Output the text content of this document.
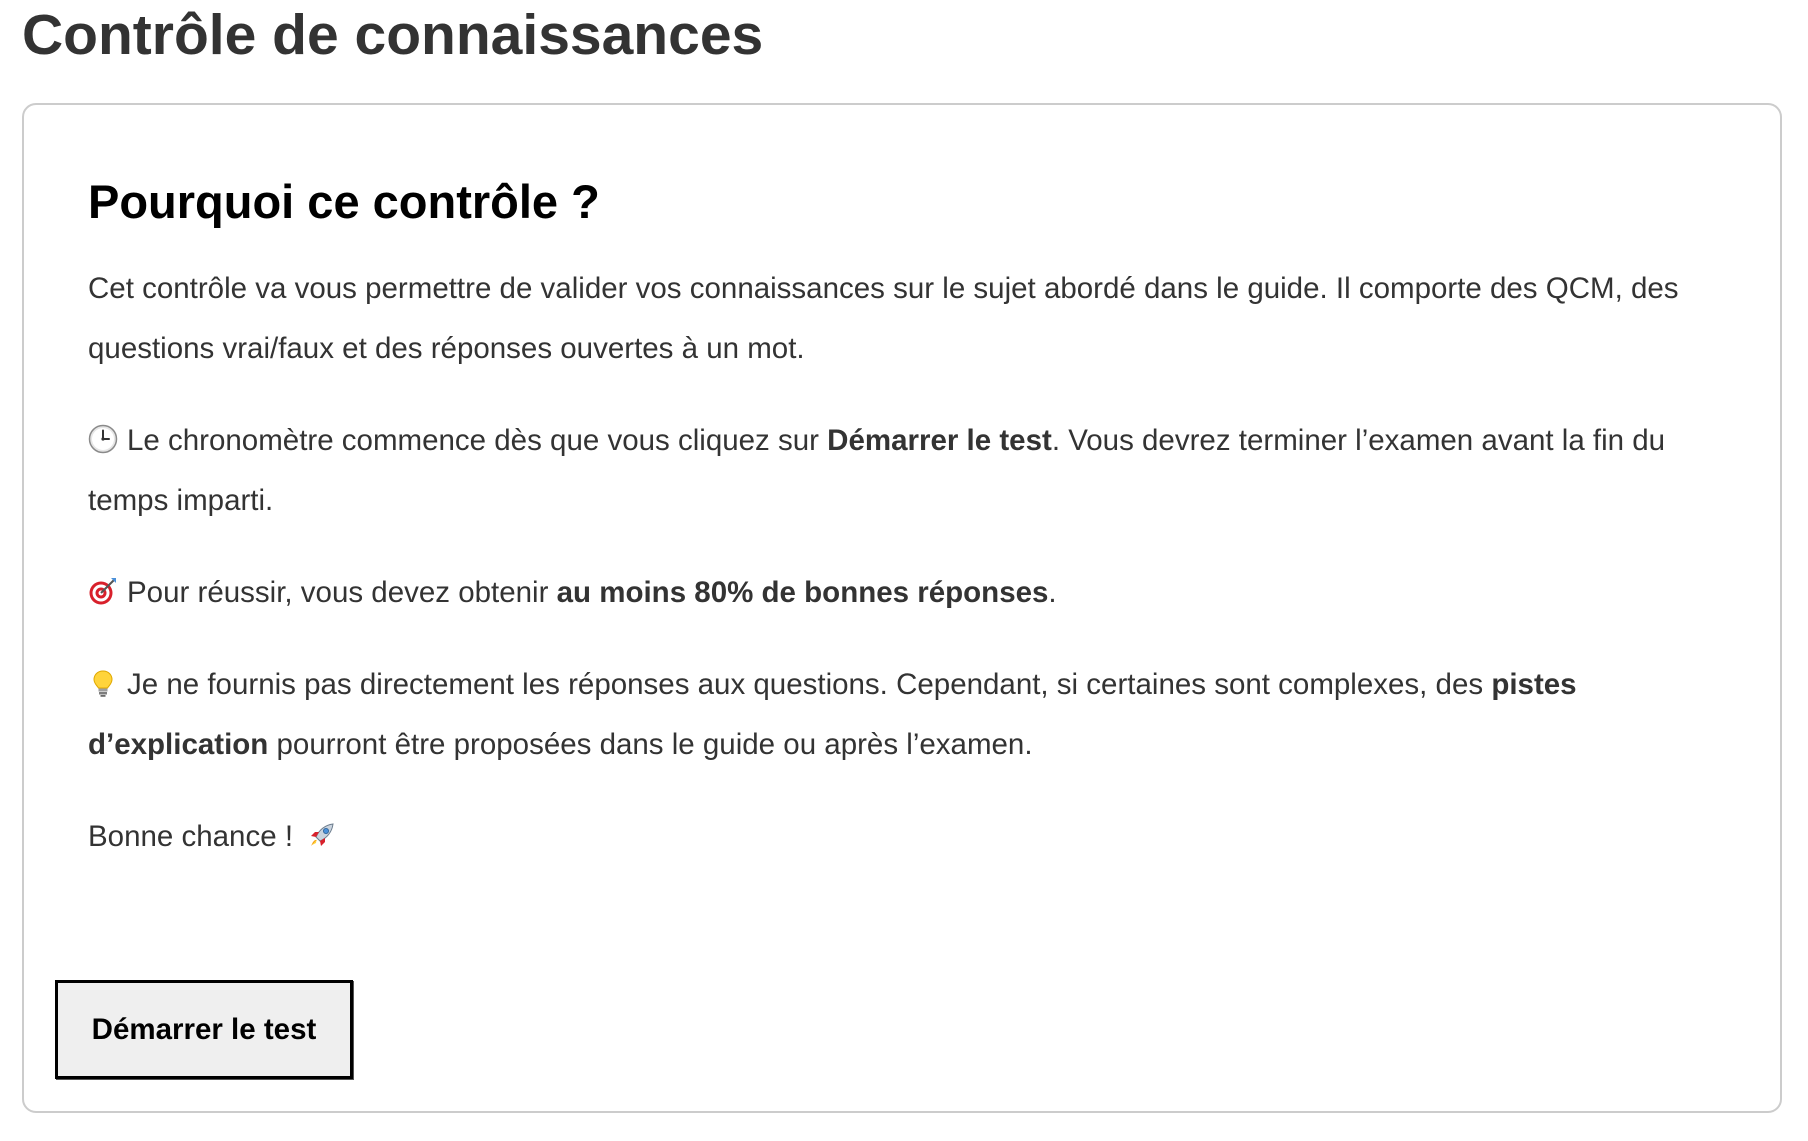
Contrôle de connaissances
Pourquoi ce contrôle ?

Cet contrôle va vous permettre de valider vos connaissances sur le sujet abordé dans le guide. Il comporte des QCM, des questions vrai/faux et des réponses ouvertes à un mot.

Le chronomètre commence dès que vous cliquez sur Démarrer le test. Vous devrez terminer l’examen avant la fin du temps imparti.

Pour réussir, vous devez obtenir au moins 80% de bonnes réponses.

Je ne fournis pas directement les réponses aux questions. Cependant, si certaines sont complexes, des pistes d’explication pourront être proposées dans le guide ou après l’examen.

Bonne chance !

Démarrer le test
